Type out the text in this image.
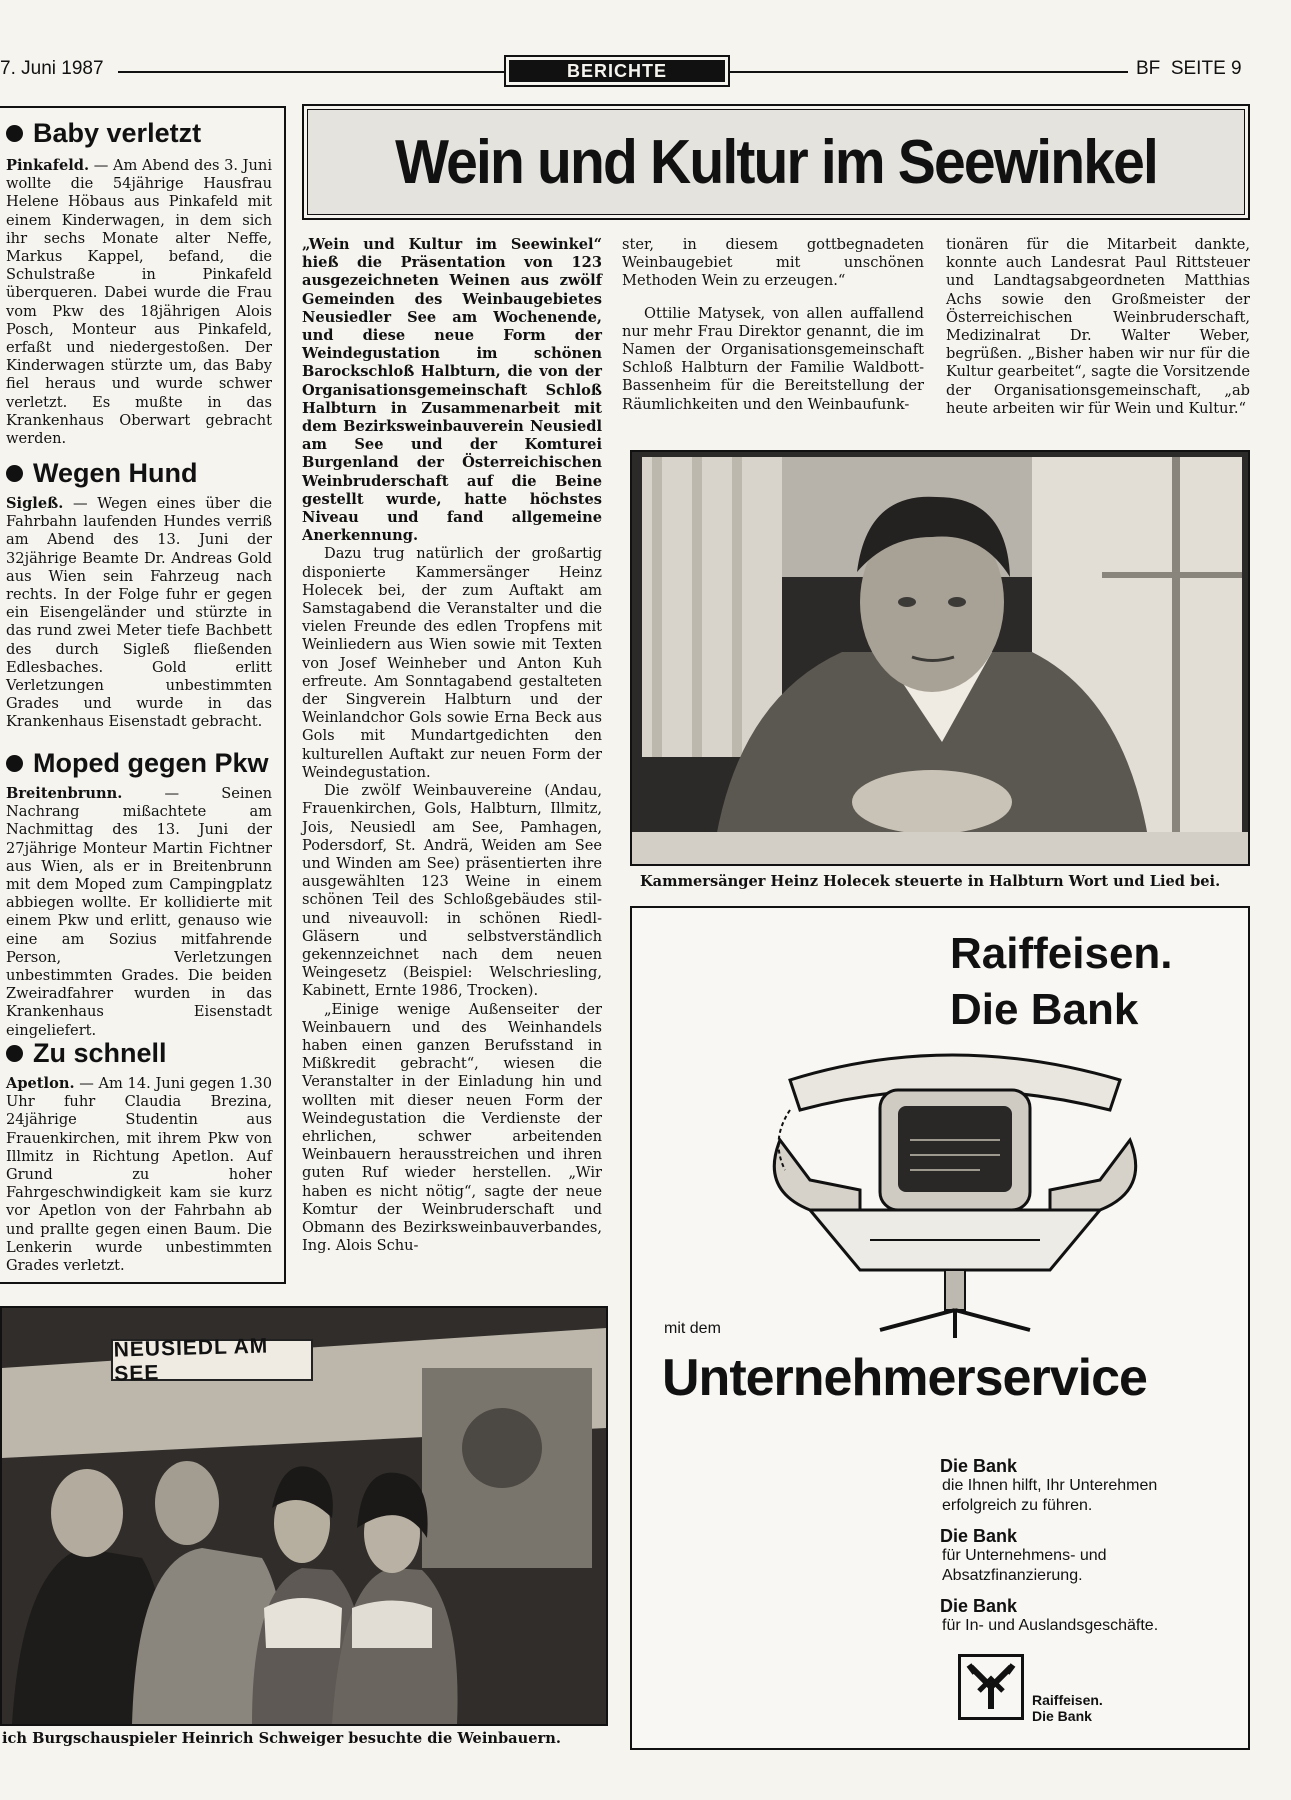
7. Juni 1987	BERICHTE	BF  SEITE 9
Baby verletzt

Pinkafeld. — Am Abend des 3. Juni wollte die 54jährige Hausfrau Helene Höbaus aus Pinkafeld mit einem Kinderwagen, in dem sich ihr sechs Monate alter Neffe, Markus Kappel, befand, die Schulstraße in Pinkafeld überqueren. Dabei wurde die Frau vom Pkw des 18jährigen Alois Posch, Monteur aus Pinkafeld, erfaßt und niedergestoßen. Der Kinderwagen stürzte um, das Baby fiel heraus und wurde schwer verletzt. Es mußte in das Krankenhaus Oberwart gebracht werden.

Wegen Hund

Sigleß. — Wegen eines über die Fahrbahn laufenden Hundes verriß am Abend des 13. Juni der 32jährige Beamte Dr. Andreas Gold aus Wien sein Fahrzeug nach rechts. In der Folge fuhr er gegen ein Eisengeländer und stürzte in das rund zwei Meter tiefe Bachbett des durch Sigleß fließenden Edlesbaches. Gold erlitt Verletzungen unbestimmten Grades und wurde in das Krankenhaus Eisenstadt gebracht.

Moped gegen Pkw

Breitenbrunn.	— Seinen Nachrang mißachtete am Nachmittag des 13. Juni der 27jährige Monteur Martin Fichtner aus Wien, als er in Breitenbrunn mit dem Moped zum Campingplatz abbiegen wollte. Er kollidierte mit einem Pkw und erlitt, genauso wie eine am Sozius mitfahrende Person, Verletzungen unbestimmten Grades. Die beiden Zweiradfahrer wurden in das Krankenhaus Eisenstadt eingeliefert.

Zu schnell

Apetlon. — Am 14. Juni gegen 1.30 Uhr fuhr Claudia Brezina, 24jährige Studentin aus Frauenkirchen, mit ihrem Pkw von Illmitz in Richtung Apetlon. Auf Grund zu hoher Fahrgeschwindigkeit kam sie kurz vor Apetlon von der Fahrbahn ab und prallte gegen einen Baum. Die Lenkerin wurde unbestimmten Grades verletzt.

Wein und Kultur im Seewinkel

„Wein und Kultur im Seewinkel“ hieß die Präsentation von 123 ausgezeichneten Weinen aus zwölf Gemeinden des Weinbaugebietes Neusiedler See am Wochenende, und diese neue Form der Weindegustation im schönen Barockschloß Halbturn, die von der Organisationsgemeinschaft Schloß Halbturn in Zusammenarbeit mit dem Bezirksweinbauverein Neusiedl am See und der Komturei Burgenland der Österreichischen Weinbruderschaft auf die Beine gestellt wurde, hatte höchstes Niveau und fand allgemeine Anerkennung.

Dazu trug natürlich der großartig disponierte Kammersänger Heinz Holecek bei, der zum Auftakt am Samstagabend die Veranstalter und die vielen Freunde des edlen Tropfens mit Weinliedern aus Wien sowie mit Texten von Josef Weinheber und Anton Kuh erfreute. Am Sonntagabend gestalteten der Singverein Halbturn und der Weinlandchor Gols sowie Erna Beck aus Gols mit Mundartgedichten den kulturellen Auftakt zur neuen Form der Weindegustation.

Die zwölf Weinbauvereine (Andau, Frauenkirchen, Gols, Halbturn, Illmitz, Jois, Neusiedl am See, Pamhagen, Podersdorf, St. Andrä, Weiden am See und Winden am See) präsentierten ihre ausgewählten 123 Weine in einem schönen Teil des Schloßgebäudes stil- und niveauvoll: in schönen Riedl-Gläsern und selbstverständlich gekennzeichnet nach dem neuen Weingesetz (Beispiel: Welschriesling, Kabinett, Ernte 1986, Trocken).

„Einige wenige Außenseiter der Weinbauern und des Weinhandels haben einen ganzen Berufsstand in Mißkredit gebracht“, wiesen die Veranstalter in der Einladung hin und wollten mit dieser neuen Form der Weindegustation die Verdienste der ehrlichen, schwer arbeitenden Weinbauern herausstreichen und ihren guten Ruf wieder herstellen. „Wir haben es nicht nötig“, sagte der neue Komtur der Weinbruderschaft und Obmann des Bezirksweinbauverbandes, Ing. Alois Schu-

ster, in diesem gottbegnadeten Weinbaugebiet mit unschönen Methoden Wein zu erzeugen.“

Ottilie Matysek, von allen auffallend nur mehr Frau Direktor genannt, die im Namen der Organisationsgemeinschaft Schloß Halbturn der Familie Waldbott-Bassenheim für die Bereitstellung der Räumlichkeiten und den Weinbaufunk-

tionären für die Mitarbeit dankte, konnte auch Landesrat Paul Rittsteuer und Landtagsabgeordneten Matthias Achs sowie den Großmeister der Österreichischen Weinbruderschaft, Medizinalrat Dr. Walter Weber, begrüßen. „Bisher haben wir nur für die Kultur gearbeitet“, sagte die Vorsitzende der Organisationsgemeinschaft, „ab heute arbeiten wir für Wein und Kultur.“

Kammersänger Heinz Holecek steuerte in Halbturn Wort und Lied bei.
NEUSIEDL AM SEE
ich Burgschauspieler Heinrich Schweiger besuchte die Weinbauern.
Raiffeisen.
Die Bank
mit dem
Unternehmerservice
Die Bank
die Ihnen hilft, Ihr Unterehmen
erfolgreich zu führen.
Die Bank
für Unternehmens- und
Absatzfinanzierung.
Die Bank
für In- und Auslandsgeschäfte.
Raiffeisen.
Die Bank
